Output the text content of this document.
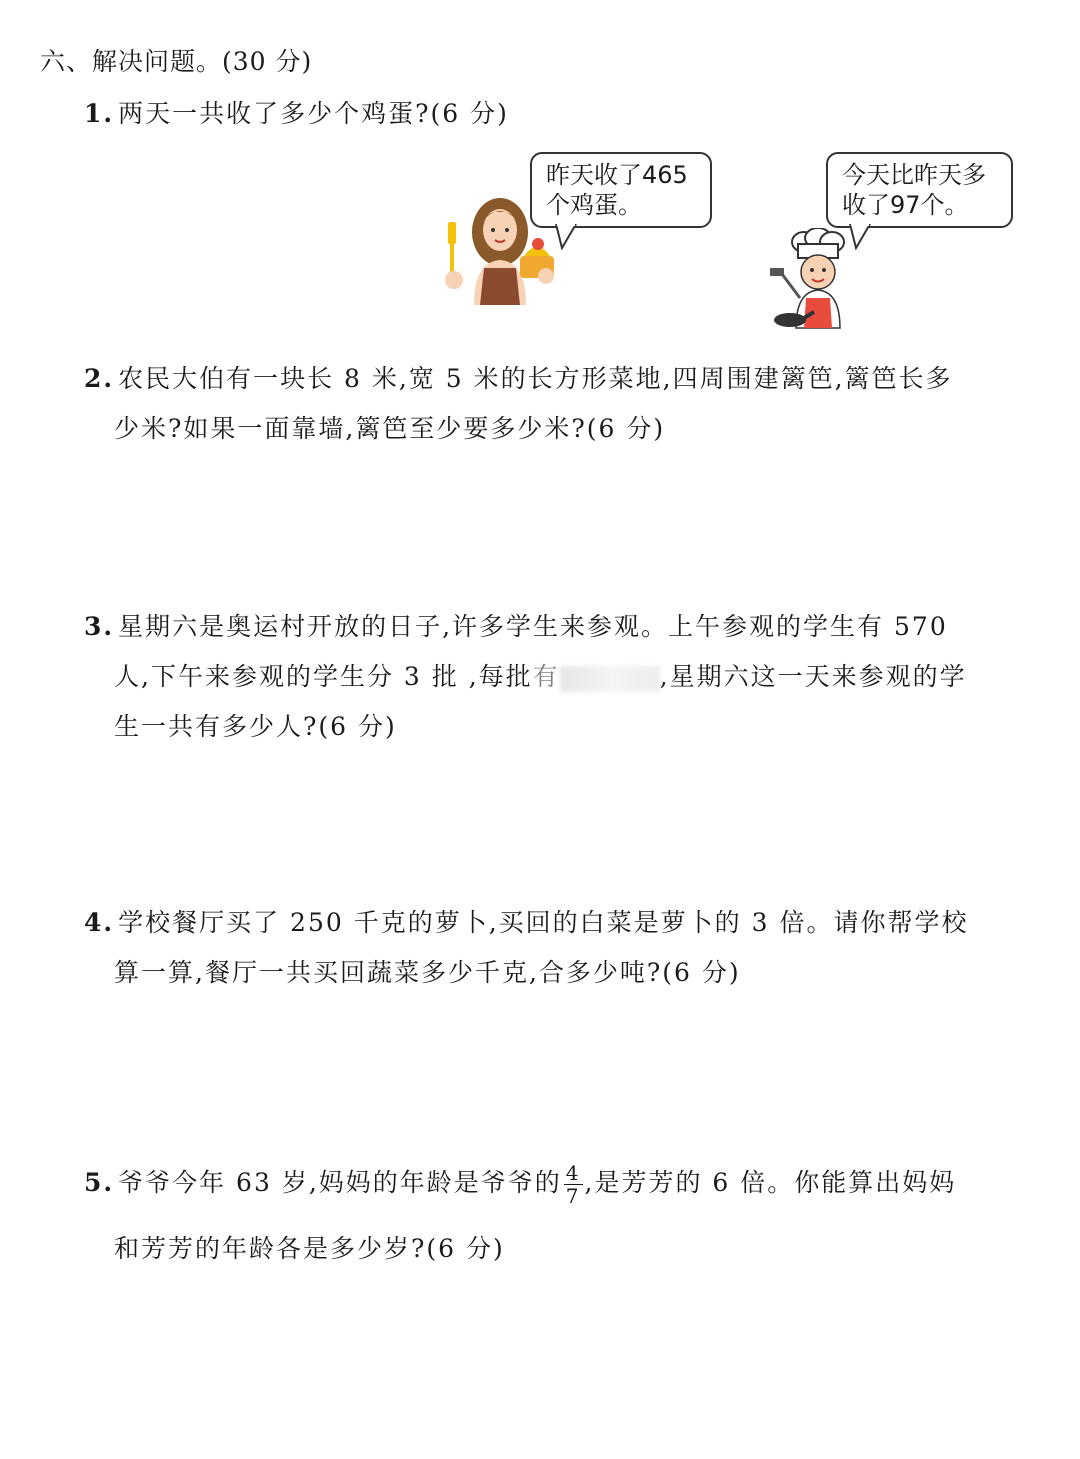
六、解决问题。(30 分)
1. 两天一共收了多少个鸡蛋?(6 分)
昨天收了465
个鸡蛋。
今天比昨天多
收了97个。
2. 农民大伯有一块长 8 米,宽 5 米的长方形菜地,四周围建篱笆,篱笆长多
少米?如果一面靠墙,篱笆至少要多少米?(6 分)
3. 星期六是奥运村开放的日子,许多学生来参观。上午参观的学生有 570
人,下午来参观的学生分 3 批 ,每批有	,星期六这一天来参观的学
生一共有多少人?(6 分)
4. 学校餐厅买了 250 千克的萝卜,买回的白菜是萝卜的 3 倍。请你帮学校
算一算,餐厅一共买回蔬菜多少千克,合多少吨?(6 分)
5. 爷爷今年 63 岁,妈妈的年龄是爷爷的 $\frac{4}{7}$ ,是芳芳的 6 倍。你能算出妈妈
和芳芳的年龄各是多少岁?(6 分)
